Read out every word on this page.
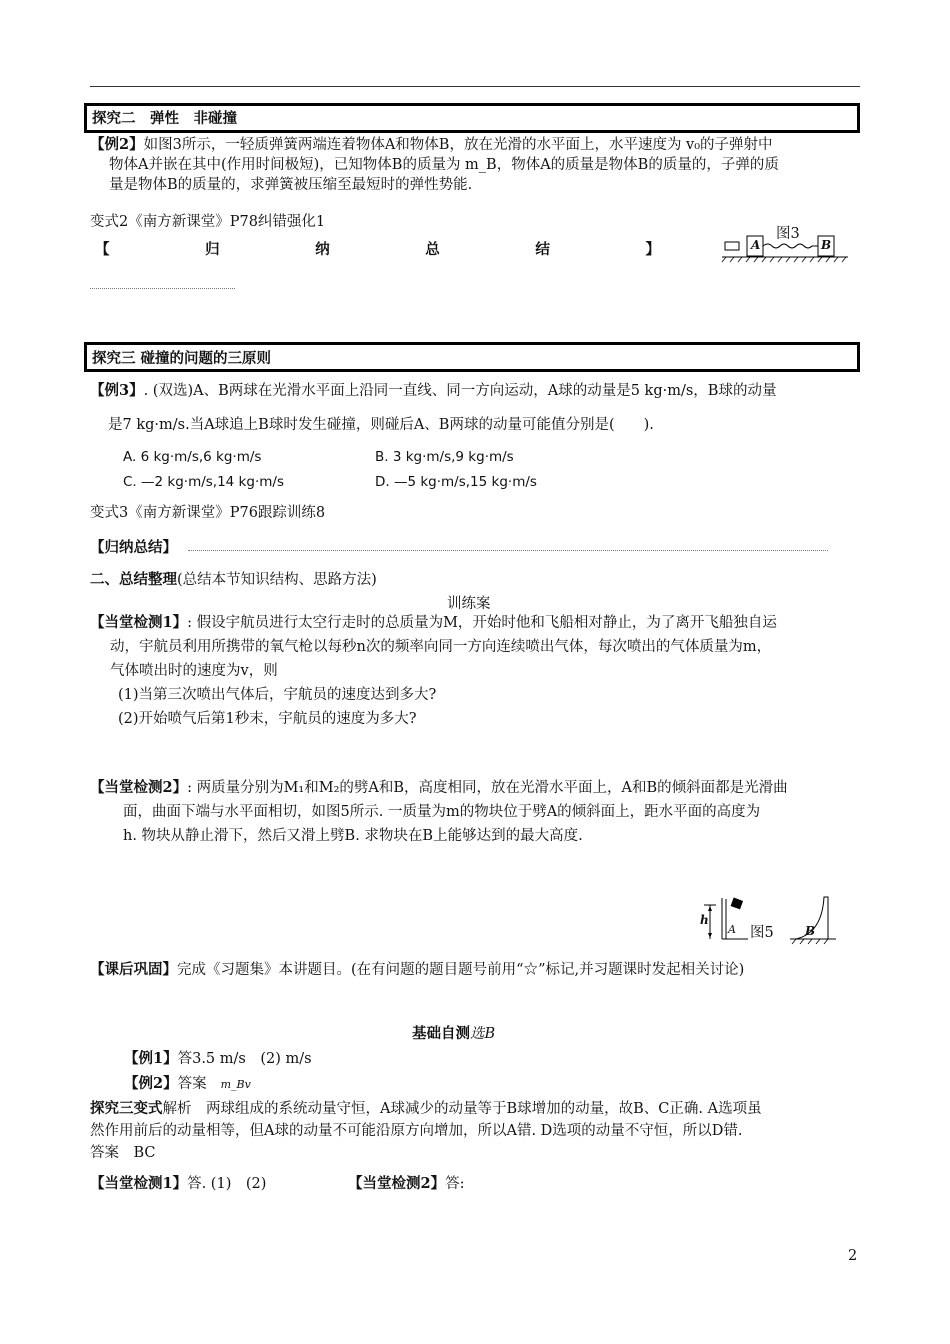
探究二　弹性　非碰撞
【例2】如图3所示，一轻质弹簧两端连着物体A和物体B，放在光滑的水平面上，水平速度为 v₀的子弹射中
物体A并嵌在其中(作用时间极短)，已知物体B的质量为 m_B，物体A的质量是物体B的质量的，子弹的质
量是物体B的质量的，求弹簧被压缩至最短时的弹性势能.
变式2《南方新课堂》P78纠错强化1
【	归	纳	总	结	】
图3
A	B
探究三 碰撞的问题的三原则
【例3】. (双选)A、B两球在光滑水平面上沿同一直线、同一方向运动，A球的动量是5 kg·m/s，B球的动量
是7 kg·m/s.当A球追上B球时发生碰撞，则碰后A、B两球的动量可能值分别是(　　).
A. 6 kg·m/s,6 kg·m/s	B. 3 kg·m/s,9 kg·m/s
C. —2 kg·m/s,14 kg·m/s	D. —5 kg·m/s,15 kg·m/s
变式3《南方新课堂》P76跟踪训练8
【归纳总结】
二、总结整理(总结本节知识结构、思路方法)
训练案
【当堂检测1】: 假设宇航员进行太空行走时的总质量为M，开始时他和飞船相对静止，为了离开飞船独自运
动，宇航员利用所携带的氧气枪以每秒n次的频率向同一方向连续喷出气体，每次喷出的气体质量为m，
气体喷出时的速度为v，则
(1)当第三次喷出气体后，宇航员的速度达到多大?
(2)开始喷气后第1秒末，宇航员的速度为多大?
【当堂检测2】: 两质量分别为M₁和M₂的劈A和B，高度相同，放在光滑水平面上，A和B的倾斜面都是光滑曲
面，曲面下端与水平面相切，如图5所示. 一质量为m的物块位于劈A的倾斜面上，距水平面的高度为
h. 物块从静止滑下，然后又滑上劈B. 求物块在B上能够达到的最大高度.
h
A 图5	B
【课后巩固】完成《习题集》本讲题目。(在有问题的题目题号前用“☆”标记,并习题课时发起相关讨论)
基础自测选B
【例1】答3.5 m/s　(2) m/s
【例2】答案 m_Bv
探究三变式解析　两球组成的系统动量守恒，A球减少的动量等于B球增加的动量，故B、C正确. A选项虽
然作用前后的动量相等，但A球的动量不可能沿原方向增加，所以A错. D选项的动量不守恒，所以D错.
答案　BC
【当堂检测1】答. (1)　(2)	【当堂检测2】答:
2
